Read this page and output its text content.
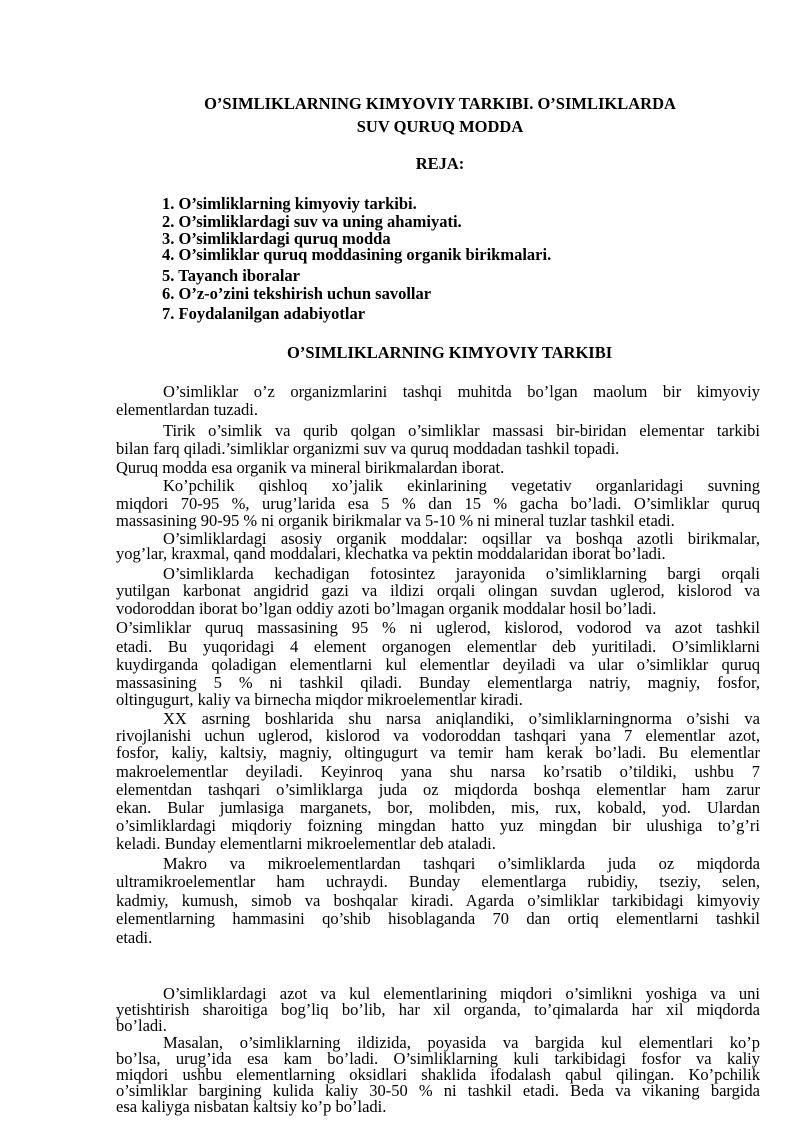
O’SIMLIKLARNING KIMYOVIY TARKIBI. O’SIMLIKLARDA
SUV QURUQ MODDA
REJA:
1. O’simliklarning kimyoviy tarkibi.
2. O’simliklardagi suv va uning ahamiyati.
3. O’simliklardagi quruq modda
4. O’simliklar quruq moddasining organik birikmalari.
5. Tayanch iboralar
6. O’z-o’zini tekshirish uchun savollar
7. Foydalanilgan adabiyotlar
O’SIMLIKLARNING KIMYOVIY TARKIBI
O’simliklar o’z organizmlarini tashqi muhitda bo’lgan maolum bir kimyoviy
elementlardan tuzadi.
Tirik o’simlik va qurib qolgan o’simliklar massasi bir-biridan elementar tarkibi
bilan farq qiladi.’simliklar organizmi suv va quruq moddadan tashkil topadi.
Quruq modda esa organik va mineral birikmalardan iborat.
Ko’pchilik qishloq xo’jalik ekinlarining vegetativ organlaridagi suvning
miqdori 70-95 %, urug’larida esa 5 % dan 15 % gacha bo’ladi. O’simliklar quruq
massasining 90-95 % ni organik birikmalar va 5-10 % ni mineral tuzlar tashkil etadi.
O’simliklardagi asosiy organik moddalar: oqsillar va boshqa azotli birikmalar,
yog’lar, kraxmal, qand moddalari, klechatka va pektin moddalaridan iborat bo’ladi.
O’simliklarda kechadigan fotosintez jarayonida o’simliklarning bargi orqali
yutilgan karbonat angidrid gazi va ildizi orqali olingan suvdan uglerod, kislorod va
vodoroddan iborat bo’lgan oddiy azoti bo’lmagan organik moddalar hosil bo’ladi.
O’simliklar quruq massasining 95 % ni uglerod, kislorod, vodorod va azot tashkil
etadi. Bu yuqoridagi 4 element organogen elementlar deb yuritiladi. O’simliklarni
kuydirganda qoladigan elementlarni kul elementlar deyiladi va ular o’simliklar quruq
massasining 5 % ni tashkil qiladi. Bunday elementlarga natriy, magniy, fosfor,
oltingugurt, kaliy va birnecha miqdor mikroelementlar kiradi.
XX asrning boshlarida shu narsa aniqlandiki, o’simliklarningnorma o’sishi va
rivojlanishi uchun uglerod, kislorod va vodoroddan tashqari yana 7 elementlar azot,
fosfor, kaliy, kaltsiy, magniy, oltingugurt va temir ham kerak bo’ladi. Bu elementlar
makroelementlar deyiladi. Keyinroq yana shu narsa ko’rsatib o’tildiki, ushbu 7
elementdan tashqari o’simliklarga juda oz miqdorda boshqa elementlar ham zarur
ekan. Bular jumlasiga marganets, bor, molibden, mis, rux, kobald, yod. Ulardan
o’simliklardagi miqdoriy foizning mingdan hatto yuz mingdan bir ulushiga to’g’ri
keladi. Bunday elementlarni mikroelementlar deb ataladi.
Makro va mikroelementlardan tashqari o’simliklarda juda oz miqdorda
ultramikroelementlar ham uchraydi. Bunday elementlarga rubidiy, tseziy, selen,
kadmiy, kumush, simob va boshqalar kiradi. Agarda o’simliklar tarkibidagi kimyoviy
elementlarning hammasini qo’shib hisoblaganda 70 dan ortiq elementlarni tashkil
etadi.
O’simliklardagi azot va kul elementlarining miqdori o’simlikni yoshiga va uni
yetishtirish sharoitiga bog’liq bo’lib, har xil organda, to’qimalarda har xil miqdorda
bo’ladi.
Masalan, o’simliklarning ildizida, poyasida va bargida kul elementlari ko’p
bo’lsa, urug’ida esa kam bo’ladi. O’simliklarning kuli tarkibidagi fosfor va kaliy
miqdori ushbu elementlarning oksidlari shaklida ifodalash qabul qilingan. Ko’pchilik
o’simliklar bargining kulida kaliy 30-50 % ni tashkil etadi. Beda va vikaning bargida
esa kaliyga nisbatan kaltsiy ko’p bo’ladi.
